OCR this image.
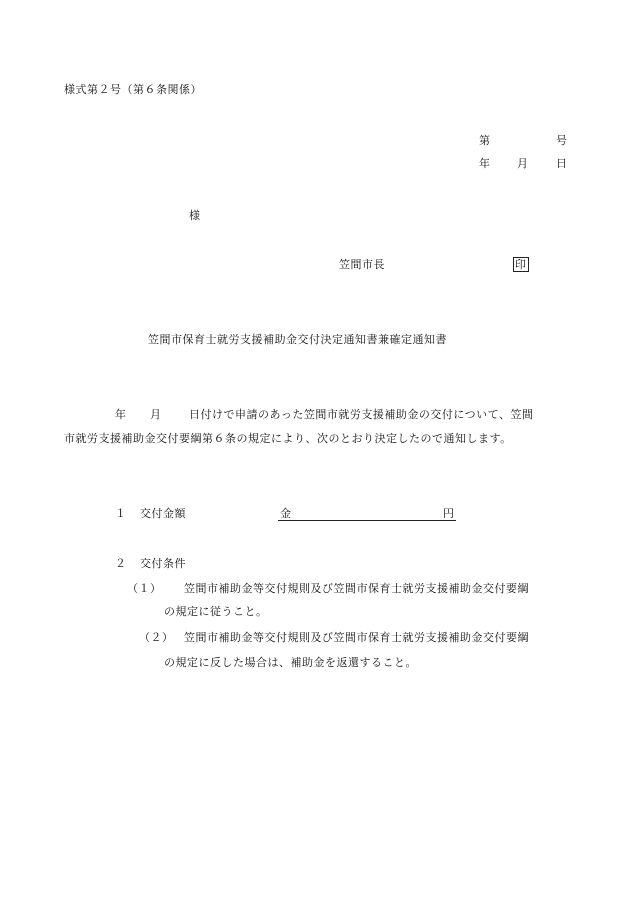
様式第２号（第６条関係）
第	号
年 月	日
様
笠間市長	印
笠間市保育士就労支援補助金交付決定通知書兼確定通知書
年 月	日付けで申請のあった笠間市就労支援補助金の交付について、笠間
市就労支援補助金交付要綱第６条の規定により、次のとおり決定したので通知します。
１ 交付金額	金	円
２ 交付条件
（１） 笠間市補助金等交付規則及び笠間市保育士就労支援補助金交付要綱
の規定に従うこと。
（２） 笠間市補助金等交付規則及び笠間市保育士就労支援補助金交付要綱
の規定に反した場合は、補助金を返還すること。
